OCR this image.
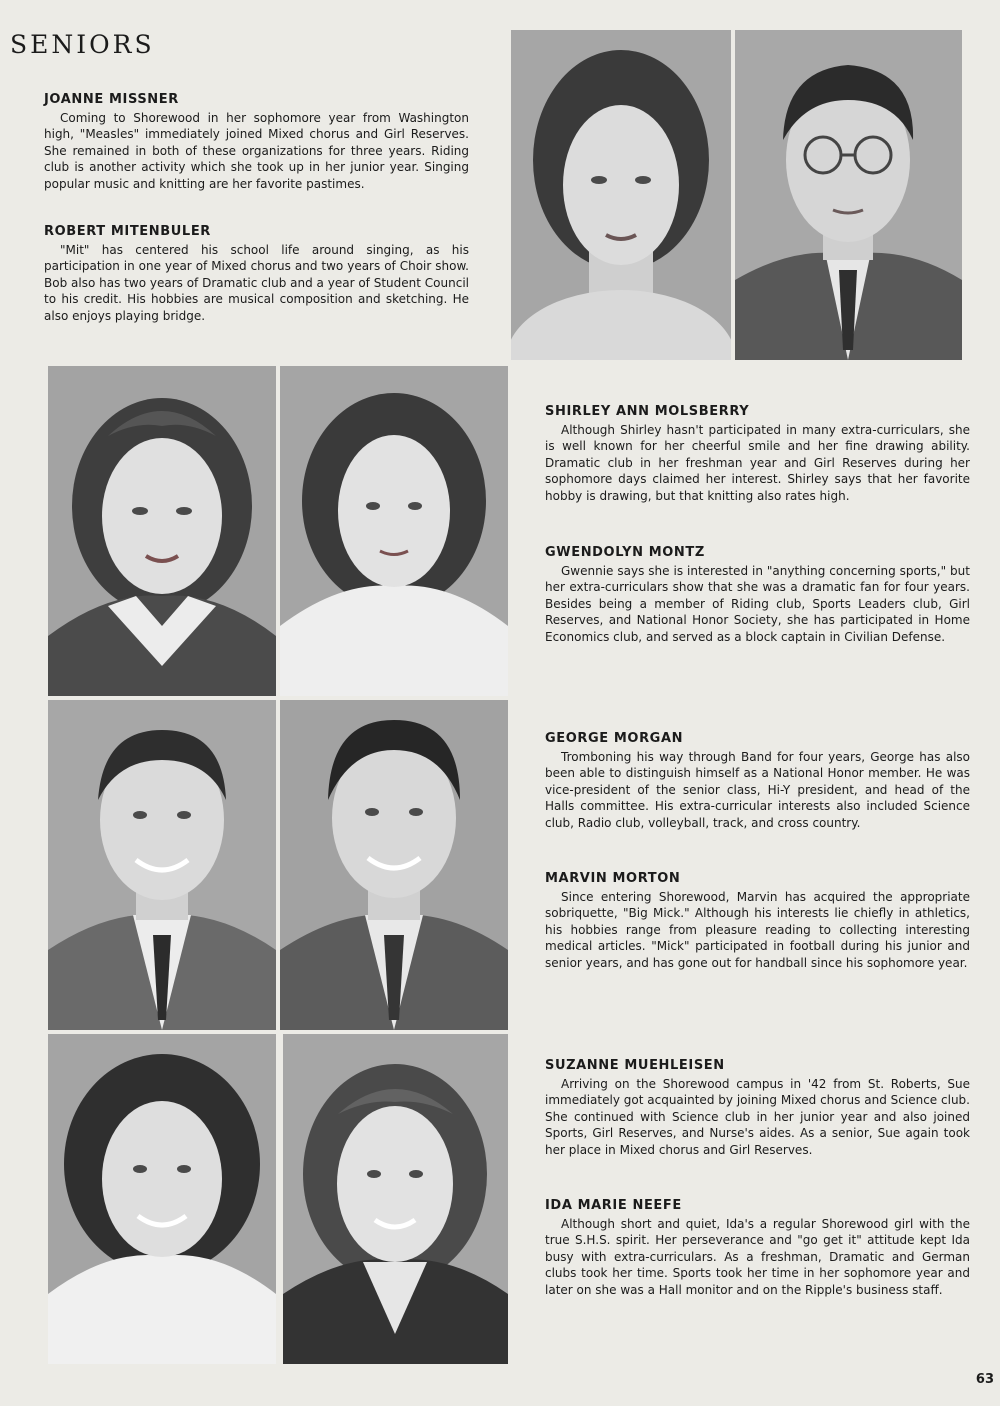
SENIORS

JOANNE MISSNER

Coming to Shorewood in her sophomore year from Washington high, "Measles" immediately joined Mixed chorus and Girl Reserves. She remained in both of these organizations for three years. Riding club is another activity which she took up in her junior year. Singing popular music and knitting are her favorite pastimes.

ROBERT MITENBULER

"Mit" has centered his school life around singing, as his participation in one year of Mixed chorus and two years of Choir show. Bob also has two years of Dramatic club and a year of Student Council to his credit. His hobbies are musical composition and sketching. He also enjoys playing bridge.

SHIRLEY ANN MOLSBERRY

Although Shirley hasn't participated in many extra-curriculars, she is well known for her cheerful smile and her fine drawing ability. Dramatic club in her freshman year and Girl Reserves during her sophomore days claimed her interest. Shirley says that her favorite hobby is drawing, but that knitting also rates high.

GWENDOLYN MONTZ

Gwennie says she is interested in "anything concerning sports," but her extra-curriculars show that she was a dramatic fan for four years. Besides being a member of Riding club, Sports Leaders club, Girl Reserves, and National Honor Society, she has participated in Home Economics club, and served as a block captain in Civilian Defense.

GEORGE MORGAN

Tromboning his way through Band for four years, George has also been able to distinguish himself as a National Honor member. He was vice-president of the senior class, Hi-Y president, and head of the Halls committee. His extra-curricular interests also included Science club, Radio club, volleyball, track, and cross country.

MARVIN MORTON

Since entering Shorewood, Marvin has acquired the appropriate sobriquette, "Big Mick." Although his interests lie chiefly in athletics, his hobbies range from pleasure reading to collecting interesting medical articles. "Mick" participated in football during his junior and senior years, and has gone out for handball since his sophomore year.

SUZANNE MUEHLEISEN

Arriving on the Shorewood campus in '42 from St. Roberts, Sue immediately got acquainted by joining Mixed chorus and Science club. She continued with Science club in her junior year and also joined Sports, Girl Reserves, and Nurse's aides. As a senior, Sue again took her place in Mixed chorus and Girl Reserves.

IDA MARIE NEEFE

Although short and quiet, Ida's a regular Shorewood girl with the true S.H.S. spirit. Her perseverance and "go get it" attitude kept Ida busy with extra-curriculars. As a freshman, Dramatic and German clubs took her time. Sports took her time in her sophomore year and later on she was a Hall monitor and on the Ripple's business staff.

63
